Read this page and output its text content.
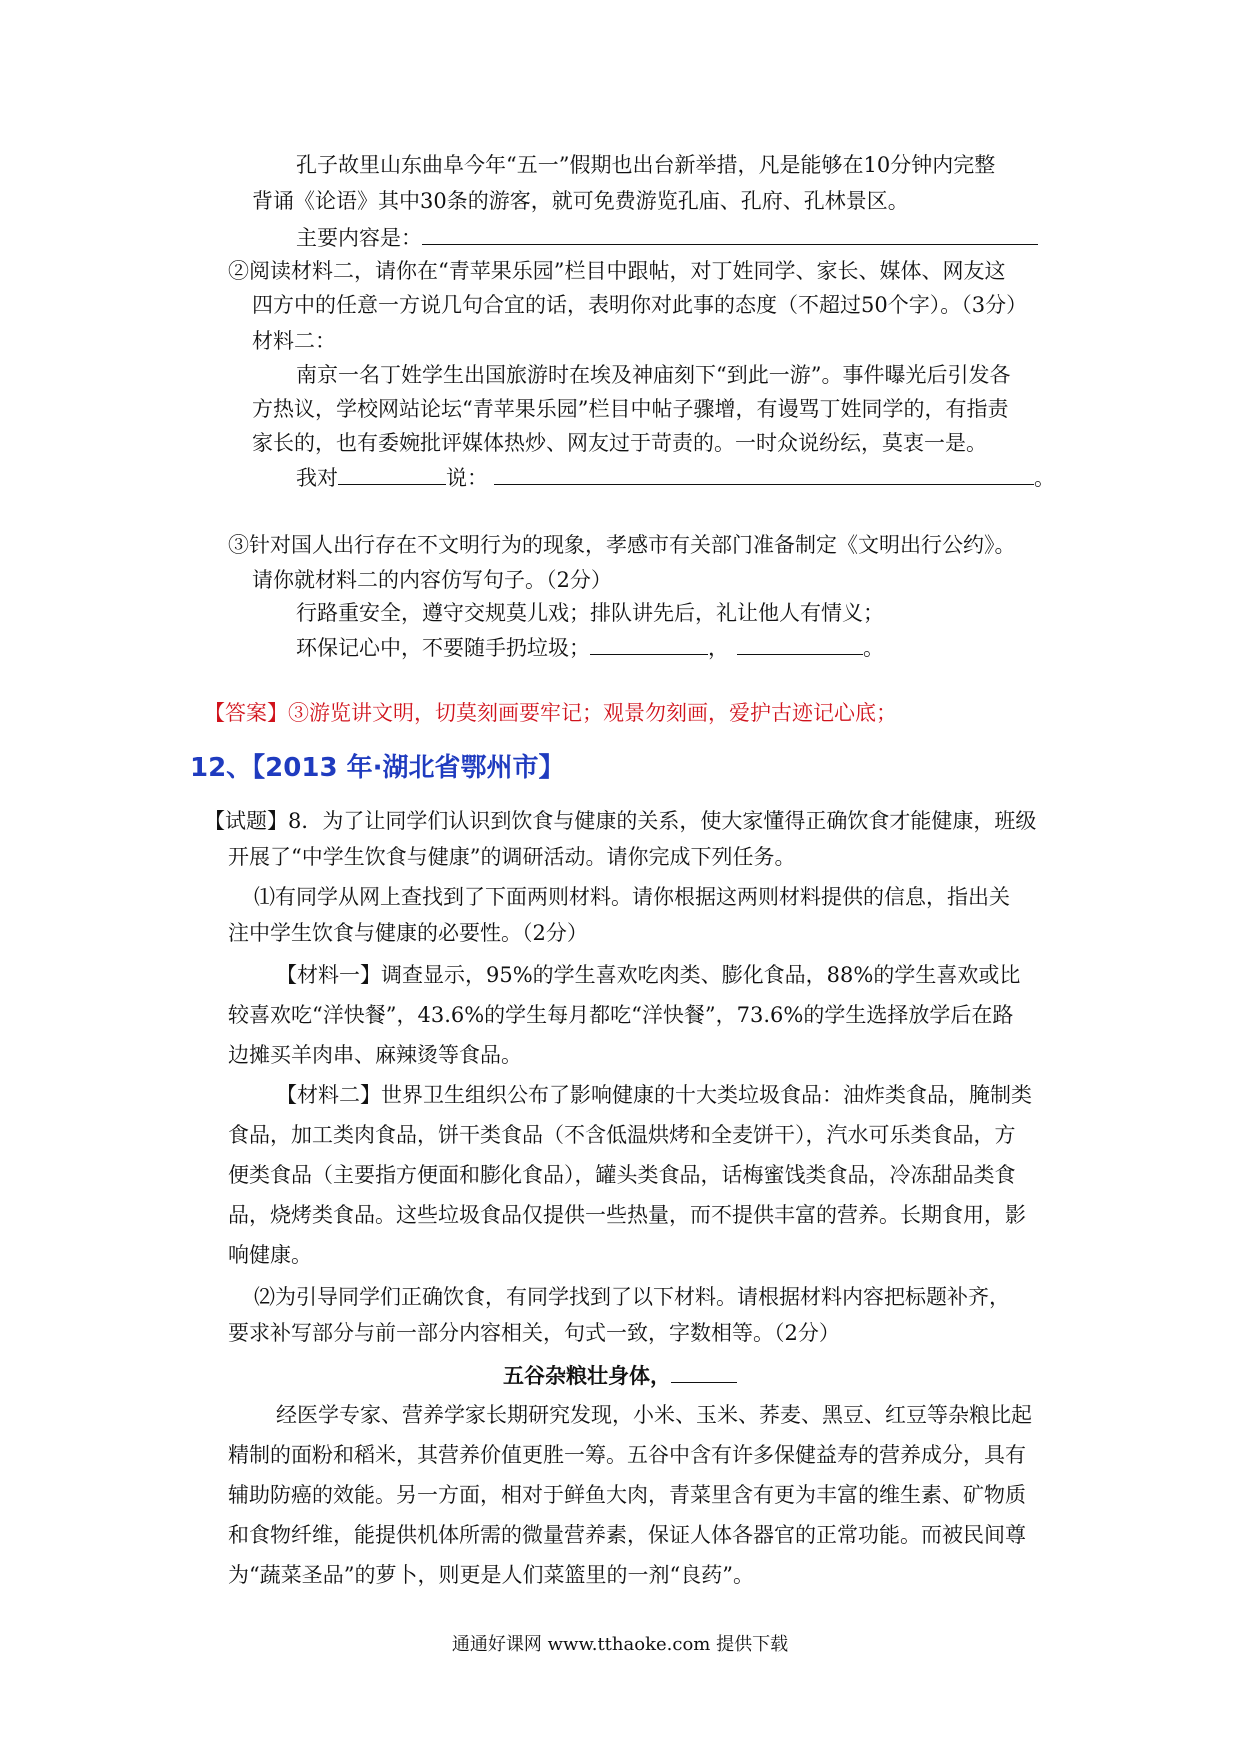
孔子故里山东曲阜今年“五一”假期也出台新举措，凡是能够在10分钟内完整
背诵《论语》其中30条的游客，就可免费游览孔庙、孔府、孔林景区。
主要内容是：
②阅读材料二，请你在“青苹果乐园”栏目中跟帖，对丁姓同学、家长、媒体、网友这
四方中的任意一方说几句合宜的话，表明你对此事的态度（不超过50个字）。（3分）
材料二：
南京一名丁姓学生出国旅游时在埃及神庙刻下“到此一游”。事件曝光后引发各
方热议，学校网站论坛“青苹果乐园”栏目中帖子骤增，有谩骂丁姓同学的，有指责
家长的，也有委婉批评媒体热炒、网友过于苛责的。一时众说纷纭，莫衷一是。
我对	说：	。
③针对国人出行存在不文明行为的现象，孝感市有关部门准备制定《文明出行公约》。
请你就材料二的内容仿写句子。（2分）
行路重安全，遵守交规莫儿戏；排队讲先后，礼让他人有情义；
环保记心中，不要随手扔垃圾；	，	。
【答案】③游览讲文明，切莫刻画要牢记；观景勿刻画，爱护古迹记心底；
12、【2013 年·湖北省鄂州市】
【试题】8．为了让同学们认识到饮食与健康的关系，使大家懂得正确饮食才能健康，班级
开展了“中学生饮食与健康”的调研活动。请你完成下列任务。
⑴有同学从网上查找到了下面两则材料。请你根据这两则材料提供的信息，指出关
注中学生饮食与健康的必要性。（2分）
【材料一】调查显示，95%的学生喜欢吃肉类、膨化食品，88%的学生喜欢或比
较喜欢吃“洋快餐”，43.6%的学生每月都吃“洋快餐”，73.6%的学生选择放学后在路
边摊买羊肉串、麻辣烫等食品。
【材料二】世界卫生组织公布了影响健康的十大类垃圾食品：油炸类食品，腌制类
食品，加工类肉食品，饼干类食品（不含低温烘烤和全麦饼干），汽水可乐类食品，方
便类食品（主要指方便面和膨化食品），罐头类食品，话梅蜜饯类食品，冷冻甜品类食
品，烧烤类食品。这些垃圾食品仅提供一些热量，而不提供丰富的营养。长期食用，影
响健康。
⑵为引导同学们正确饮食，有同学找到了以下材料。请根据材料内容把标题补齐，
要求补写部分与前一部分内容相关，句式一致，字数相等。（2分）
五谷杂粮壮身体，
经医学专家、营养学家长期研究发现，小米、玉米、荞麦、黑豆、红豆等杂粮比起
精制的面粉和稻米，其营养价值更胜一筹。五谷中含有许多保健益寿的营养成分，具有
辅助防癌的效能。另一方面，相对于鲜鱼大肉，青菜里含有更为丰富的维生素、矿物质
和食物纤维，能提供机体所需的微量营养素，保证人体各器官的正常功能。而被民间尊
为“蔬菜圣品”的萝卜，则更是人们菜篮里的一剂“良药”。
通通好课网 www.tthaoke.com 提供下载
